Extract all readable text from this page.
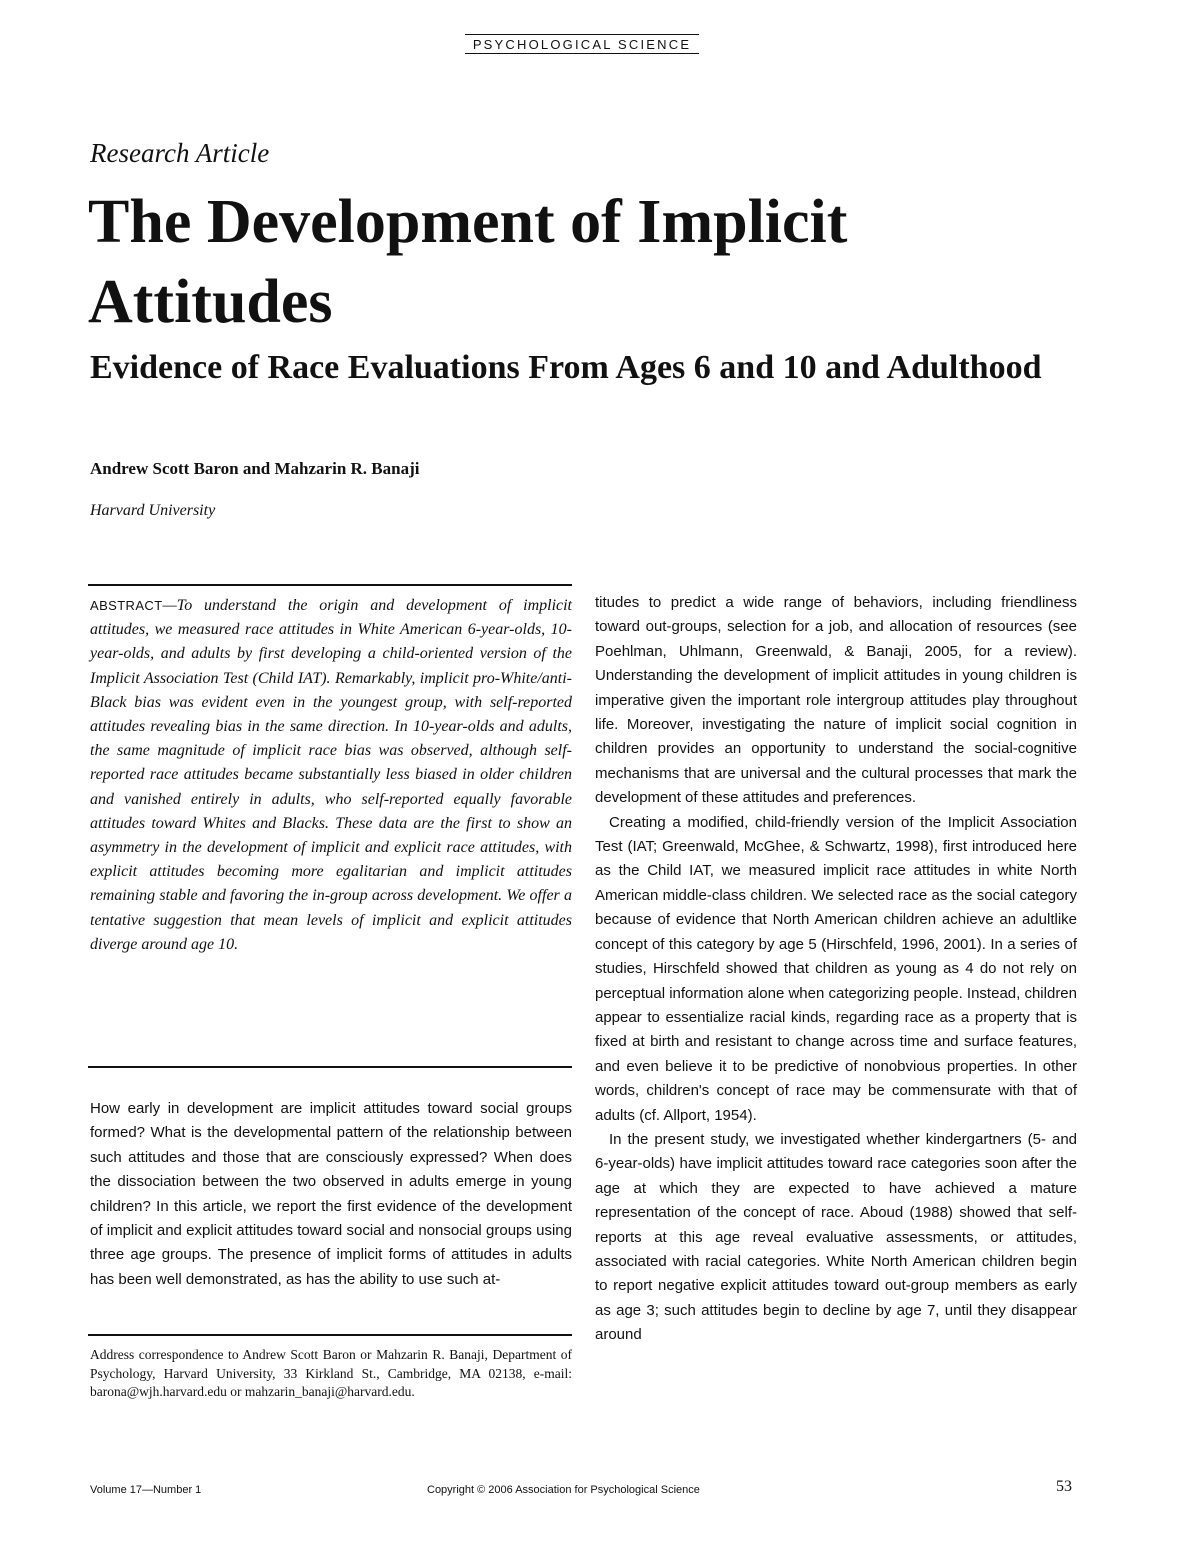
PSYCHOLOGICAL SCIENCE
Research Article
The Development of Implicit Attitudes
Evidence of Race Evaluations From Ages 6 and 10 and Adulthood
Andrew Scott Baron and Mahzarin R. Banaji
Harvard University

ABSTRACT—To understand the origin and development of implicit attitudes, we measured race attitudes in White American 6-year-olds, 10-year-olds, and adults by first developing a child-oriented version of the Implicit Association Test (Child IAT). Remarkably, implicit pro-White/anti-Black bias was evident even in the youngest group, with self-reported attitudes revealing bias in the same direction. In 10-year-olds and adults, the same magnitude of implicit race bias was observed, although self-reported race attitudes became substantially less biased in older children and vanished entirely in adults, who self-reported equally favorable attitudes toward Whites and Blacks. These data are the first to show an asymmetry in the development of implicit and explicit race attitudes, with explicit attitudes becoming more egalitarian and implicit attitudes remaining stable and favoring the in-group across development. We offer a tentative suggestion that mean levels of implicit and explicit attitudes diverge around age 10.

How early in development are implicit attitudes toward social groups formed? What is the developmental pattern of the relationship between such attitudes and those that are consciously expressed? When does the dissociation between the two observed in adults emerge in young children? In this article, we report the first evidence of the development of implicit and explicit attitudes toward social and nonsocial groups using three age groups. The presence of implicit forms of attitudes in adults has been well demonstrated, as has the ability to use such at-

Address correspondence to Andrew Scott Baron or Mahzarin R. Banaji, Department of Psychology, Harvard University, 33 Kirkland St., Cambridge, MA 02138, e-mail: barona@wjh.harvard.edu or mahzarin_banaji@harvard.edu.

titudes to predict a wide range of behaviors, including friendliness toward out-groups, selection for a job, and allocation of resources (see Poehlman, Uhlmann, Greenwald, & Banaji, 2005, for a review). Understanding the development of implicit attitudes in young children is imperative given the important role intergroup attitudes play throughout life. Moreover, investigating the nature of implicit social cognition in children provides an opportunity to understand the social-cognitive mechanisms that are universal and the cultural processes that mark the development of these attitudes and preferences.

Creating a modified, child-friendly version of the Implicit Association Test (IAT; Greenwald, McGhee, & Schwartz, 1998), first introduced here as the Child IAT, we measured implicit race attitudes in white North American middle-class children. We selected race as the social category because of evidence that North American children achieve an adultlike concept of this category by age 5 (Hirschfeld, 1996, 2001). In a series of studies, Hirschfeld showed that children as young as 4 do not rely on perceptual information alone when categorizing people. Instead, children appear to essentialize racial kinds, regarding race as a property that is fixed at birth and resistant to change across time and surface features, and even believe it to be predictive of nonobvious properties. In other words, children's concept of race may be commensurate with that of adults (cf. Allport, 1954).

In the present study, we investigated whether kindergartners (5- and 6-year-olds) have implicit attitudes toward race categories soon after the age at which they are expected to have achieved a mature representation of the concept of race. Aboud (1988) showed that self-reports at this age reveal evaluative assessments, or attitudes, associated with racial categories. White North American children begin to report negative explicit attitudes toward out-group members as early as age 3; such attitudes begin to decline by age 7, until they disappear around

Volume 17—Number 1	Copyright © 2006 Association for Psychological Science	53
